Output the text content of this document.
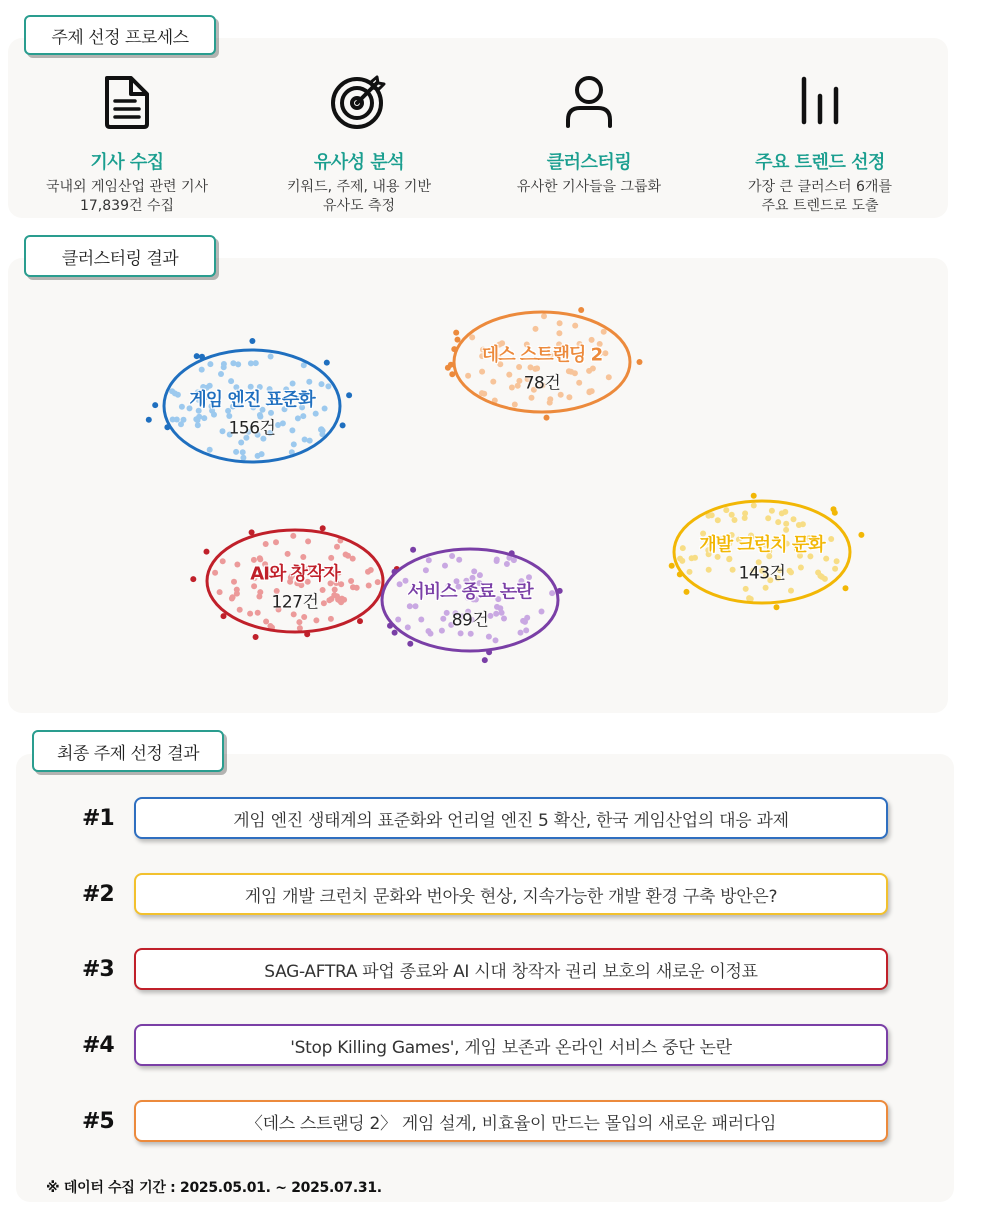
주제 선정 프로세스
기사 수집
국내외 게임산업 관련 기사
17,839건 수집
유사성 분석
키워드, 주제, 내용 기반
유사도 측정
클러스터링
유사한 기사들을 그룹화
주요 트렌드 선정
가장 큰 클러스터 6개를
주요 트렌드로 도출
클러스터링 결과
게임 엔진 표준화
156건
데스 스트랜딩 2
78건
AI와 창작자
127건	서비스 종료 논란
89건
개발 크런치 문화
143건
최종 주제 선정 결과
#1	게임 엔진 생태계의 표준화와 언리얼 엔진 5 확산, 한국 게임산업의 대응 과제
#2	게임 개발 크런치 문화와 번아웃 현상, 지속가능한 개발 환경 구축 방안은?
#3	SAG-AFTRA 파업 종료와 AI 시대 창작자 권리 보호의 새로운 이정표
#4	'Stop Killing Games', 게임 보존과 온라인 서비스 중단 논란
#5	〈데스 스트랜딩 2〉 게임 설계, 비효율이 만드는 몰입의 새로운 패러다임
※ 데이터 수집 기간 : 2025.05.01. ~ 2025.07.31.
